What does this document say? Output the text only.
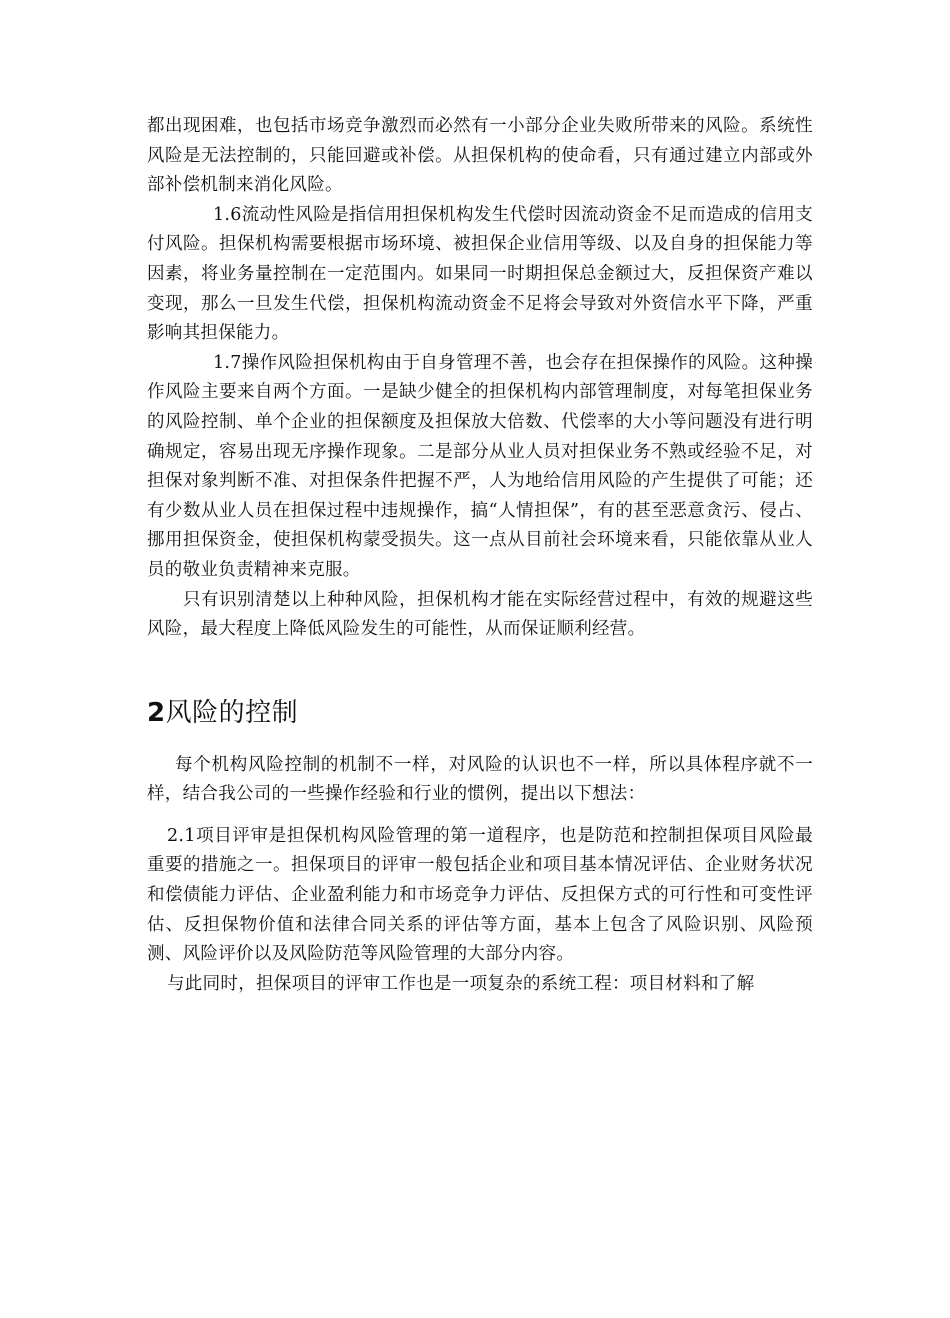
都出现困难，也包括市场竞争激烈而必然有一小部分企业失败所带来的风险。系统性风险是无法控制的，只能回避或补偿。从担保机构的使命看，只有通过建立内部或外部补偿机制来消化风险。

1.6流动性风险是指信用担保机构发生代偿时因流动资金不足而造成的信用支付风险。担保机构需要根据市场环境、被担保企业信用等级、以及自身的担保能力等因素，将业务量控制在一定范围内。如果同一时期担保总金额过大，反担保资产难以变现，那么一旦发生代偿，担保机构流动资金不足将会导致对外资信水平下降，严重影响其担保能力。

1.7操作风险担保机构由于自身管理不善，也会存在担保操作的风险。这种操作风险主要来自两个方面。一是缺少健全的担保机构内部管理制度，对每笔担保业务的风险控制、单个企业的担保额度及担保放大倍数、代偿率的大小等问题没有进行明确规定，容易出现无序操作现象。二是部分从业人员对担保业务不熟或经验不足，对担保对象判断不准、对担保条件把握不严，人为地给信用风险的产生提供了可能；还有少数从业人员在担保过程中违规操作，搞“人情担保”，有的甚至恶意贪污、侵占、挪用担保资金，使担保机构蒙受损失。这一点从目前社会环境来看，只能依靠从业人员的敬业负责精神来克服。

只有识别清楚以上种种风险，担保机构才能在实际经营过程中，有效的规避这些风险，最大程度上降低风险发生的可能性，从而保证顺利经营。

2风险的控制

每个机构风险控制的机制不一样，对风险的认识也不一样，所以具体程序就不一样，结合我公司的一些操作经验和行业的惯例，提出以下想法：

2.1项目评审是担保机构风险管理的第一道程序，也是防范和控制担保项目风险最重要的措施之一。担保项目的评审一般包括企业和项目基本情况评估、企业财务状况和偿债能力评估、企业盈利能力和市场竞争力评估、反担保方式的可行性和可变性评估、反担保物价值和法律合同关系的评估等方面，基本上包含了风险识别、风险预测、风险评价以及风险防范等风险管理的大部分内容。

与此同时，担保项目的评审工作也是一项复杂的系统工程：项目材料和了解
